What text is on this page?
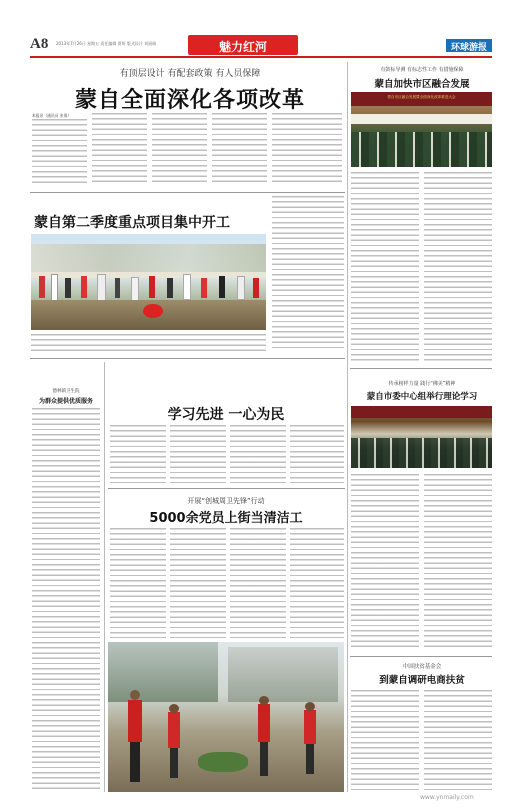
A8 2013年7月26日 星期五 责任编辑 贾妍 版式设计 刘丽瑞	魅力红河	环球游报
有顶层设计 有配套政策 有人员保障
蒙自全面深化各项改革
本报讯（通讯员 张保）
蒙自第二季度重点项目集中开工
德林镇卫生院
为群众提供优质服务
学习先进 一心为民
开展“创城周卫先锋”行动
5000余党员上街当清洁工
有鼓标导测 有标志性工作 有措施保障
蒙自加快市区融合发展
蒙自市区融合发展暨全面深化改革推进大会
传承榜样力量 践行“佛美”精神
蒙自市委中心组举行理论学习
中国扶贫基金会
到蒙自调研电商扶贫
www.ynmaily.com
